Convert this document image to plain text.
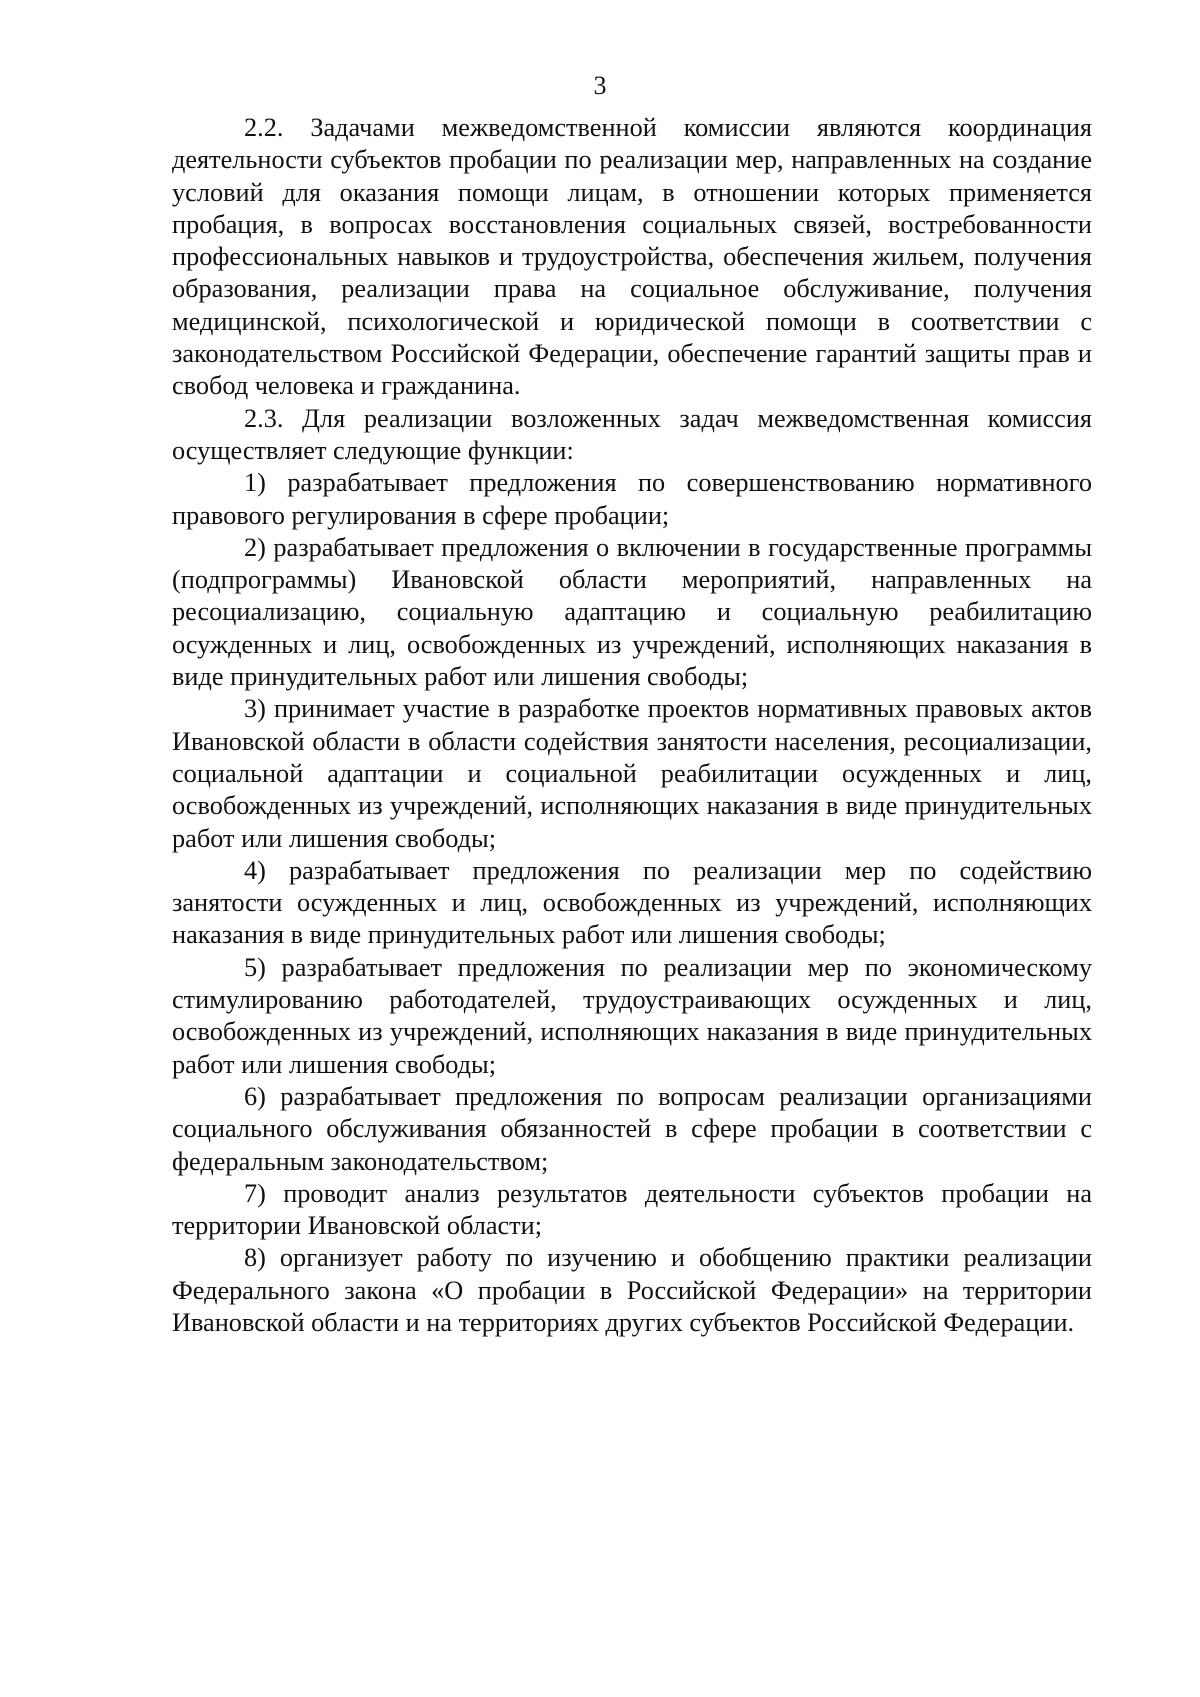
3

2.2. Задачами межведомственной комиссии являются координация деятельности субъектов пробации по реализации мер, направленных на создание условий для оказания помощи лицам, в отношении которых применяется пробация, в вопросах восстановления социальных связей, востребованности профессиональных навыков и трудоустройства, обеспечения жильем, получения образования, реализации права на социальное обслуживание, получения медицинской, психологической и юридической помощи в соответствии с законодательством Российской Федерации, обеспечение гарантий защиты прав и свобод человека и гражданина.

2.3. Для реализации возложенных задач межведомственная комиссия осуществляет следующие функции:

1) разрабатывает предложения по совершенствованию нормативного правового регулирования в сфере пробации;

2) разрабатывает предложения о включении в государственные программы (подпрограммы) Ивановской области мероприятий, направленных на ресоциализацию, социальную адаптацию и социальную реабилитацию осужденных и лиц, освобожденных из учреждений, исполняющих наказания в виде принудительных работ или лишения свободы;

3) принимает участие в разработке проектов нормативных правовых актов Ивановской области в области содействия занятости населения, ресоциализации, социальной адаптации и социальной реабилитации осужденных и лиц, освобожденных из учреждений, исполняющих наказания в виде принудительных работ или лишения свободы;

4) разрабатывает предложения по реализации мер по содействию занятости осужденных и лиц, освобожденных из учреждений, исполняющих наказания в виде принудительных работ или лишения свободы;

5) разрабатывает предложения по реализации мер по экономическому стимулированию работодателей, трудоустраивающих осужденных и лиц, освобожденных из учреждений, исполняющих наказания в виде принудительных работ или лишения свободы;

6) разрабатывает предложения по вопросам реализации организациями социального обслуживания обязанностей в сфере пробации в соответствии с федеральным законодательством;

7) проводит анализ результатов деятельности субъектов пробации на территории Ивановской области;

8) организует работу по изучению и обобщению практики реализации Федерального закона «О пробации в Российской Федерации» на территории Ивановской области и на территориях других субъектов Российской Федерации.
